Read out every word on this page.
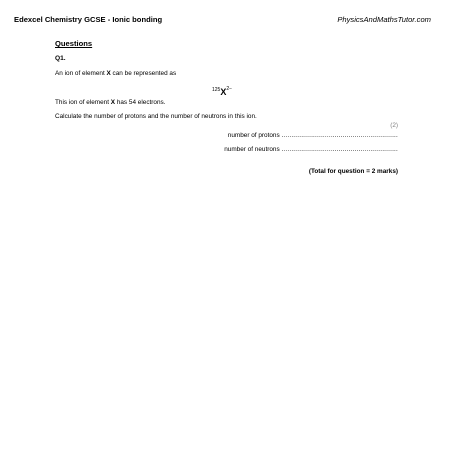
Edexcel Chemistry GCSE - Ionic bonding	PhysicsAndMathsTutor.com
Questions
Q1.
An ion of element X can be represented as
$^{125}X^{2-}$
This ion of element X has 54 electrons.
Calculate the number of protons and the number of neutrons in this ion.
(2)
number of protons ...........................................................
number of neutrons ...........................................................
(Total for question = 2 marks)
